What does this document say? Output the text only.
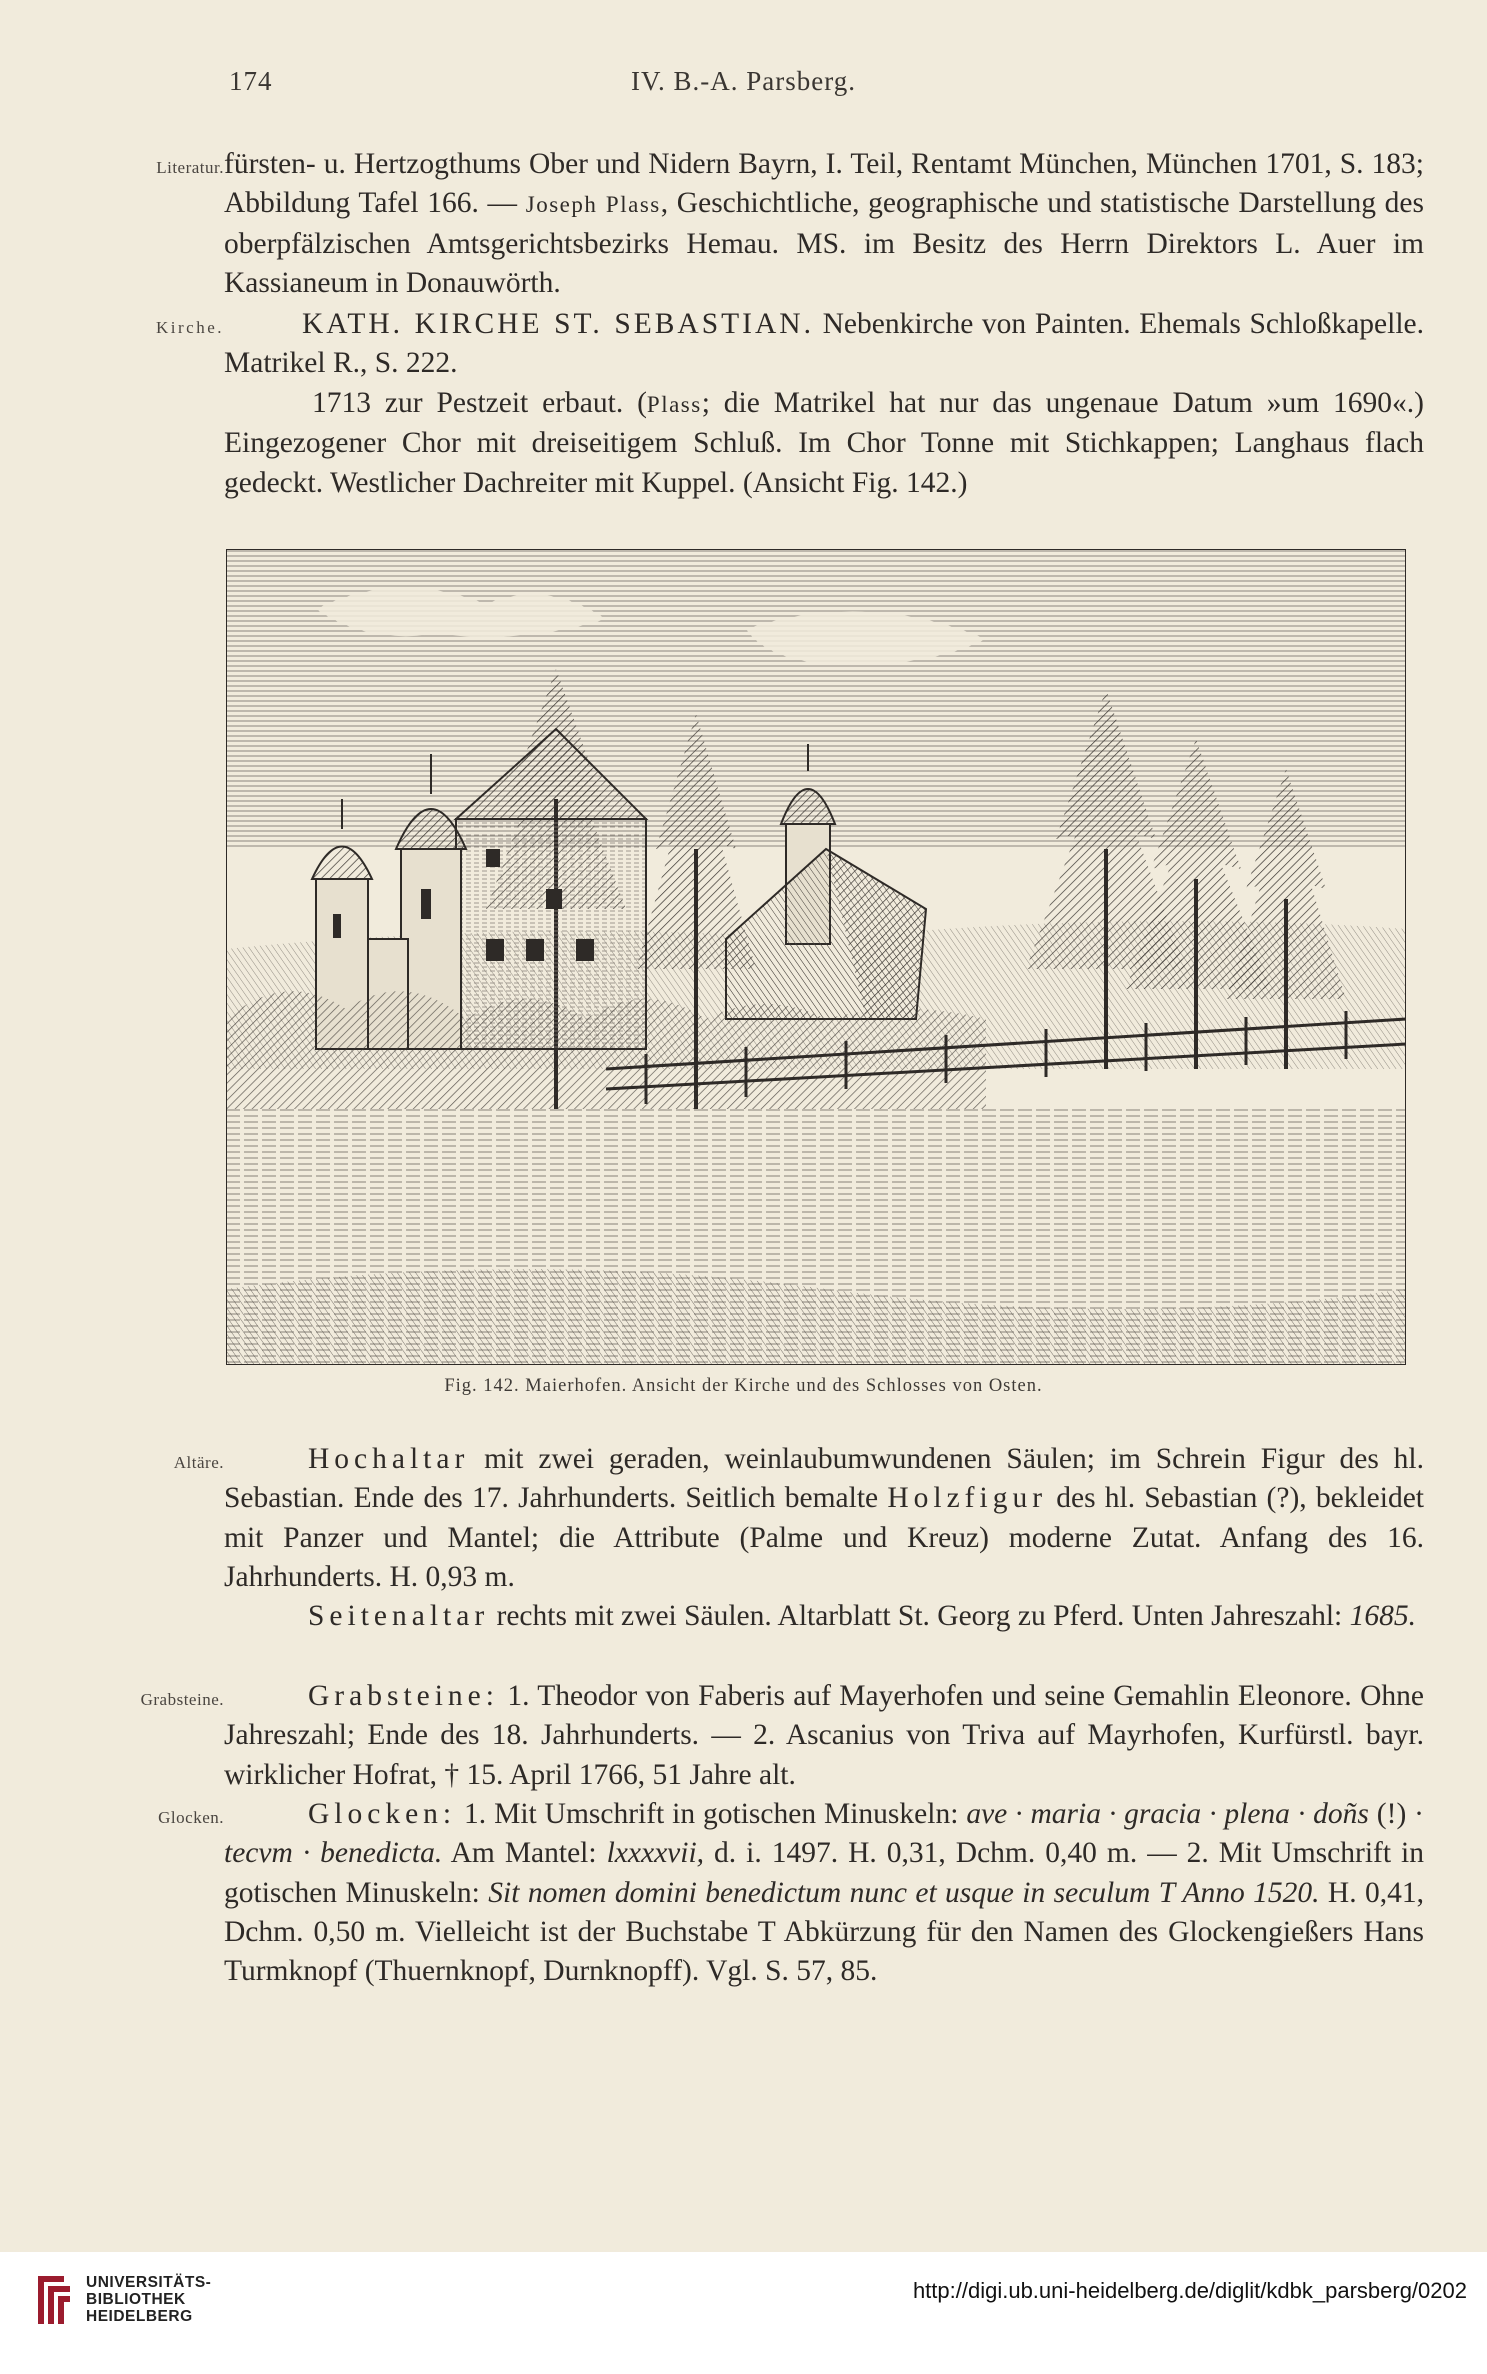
174	IV. B.-A. Parsberg.
Literatur. fürsten- u. Hertzogthums Ober und Nidern Bayrn, I. Teil, Rentamt München, München 1701, S. 183; Abbildung Tafel 166. — Joseph Plass, Geschichtliche, geographische und statistische Darstellung des oberpfälzischen Amtsgerichtsbezirks Hemau. MS. im Besitz des Herrn Direktors L. Auer im Kassianeum in Donauwörth.

Kirche.	KATH. KIRCHE ST. SEBASTIAN. Nebenkirche von Painten. Ehemals Schloßkapelle. Matrikel R., S. 222.

1713 zur Pestzeit erbaut. (Plass; die Matrikel hat nur das ungenaue Datum »um 1690«.) Eingezogener Chor mit dreiseitigem Schluß. Im Chor Tonne mit Stichkappen; Langhaus flach gedeckt. Westlicher Dachreiter mit Kuppel. (Ansicht Fig. 142.)

Fig. 142. Maierhofen. Ansicht der Kirche und des Schlosses von Osten.
Altäre.	Hochaltar mit zwei geraden, weinlaubumwundenen Säulen; im Schrein Figur des hl. Sebastian. Ende des 17. Jahrhunderts. Seitlich bemalte Holzfigur des hl. Sebastian (?), bekleidet mit Panzer und Mantel; die Attribute (Palme und Kreuz) moderne Zutat. Anfang des 16. Jahrhunderts. H. 0,93 m.

Seitenaltar rechts mit zwei Säulen. Altarblatt St. Georg zu Pferd. Unten Jahreszahl: 1685.

Grabsteine.	Grabsteine: 1. Theodor von Faberis auf Mayerhofen und seine Gemahlin Eleonore. Ohne Jahreszahl; Ende des 18. Jahrhunderts. — 2. Ascanius von Triva auf Mayrhofen, Kurfürstl. bayr. wirklicher Hofrat, † 15. April 1766, 51 Jahre alt.

Glocken.	Glocken: 1. Mit Umschrift in gotischen Minuskeln: ave · maria · gracia · plena · doñs (!) · tecvm · benedicta. Am Mantel: lxxxxvii, d. i. 1497. H. 0,31, Dchm. 0,40 m. — 2. Mit Umschrift in gotischen Minuskeln: Sit nomen domini benedictum nunc et usque in seculum T Anno 1520. H. 0,41, Dchm. 0,50 m. Vielleicht ist der Buchstabe T Abkürzung für den Namen des Glockengießers Hans Turmknopf (Thuernknopf, Durnknopff). Vgl. S. 57, 85.

UNIVERSITÄTS-
BIBLIOTHEK
HEIDELBERG
http://digi.ub.uni-heidelberg.de/diglit/kdbk_parsberg/0202
